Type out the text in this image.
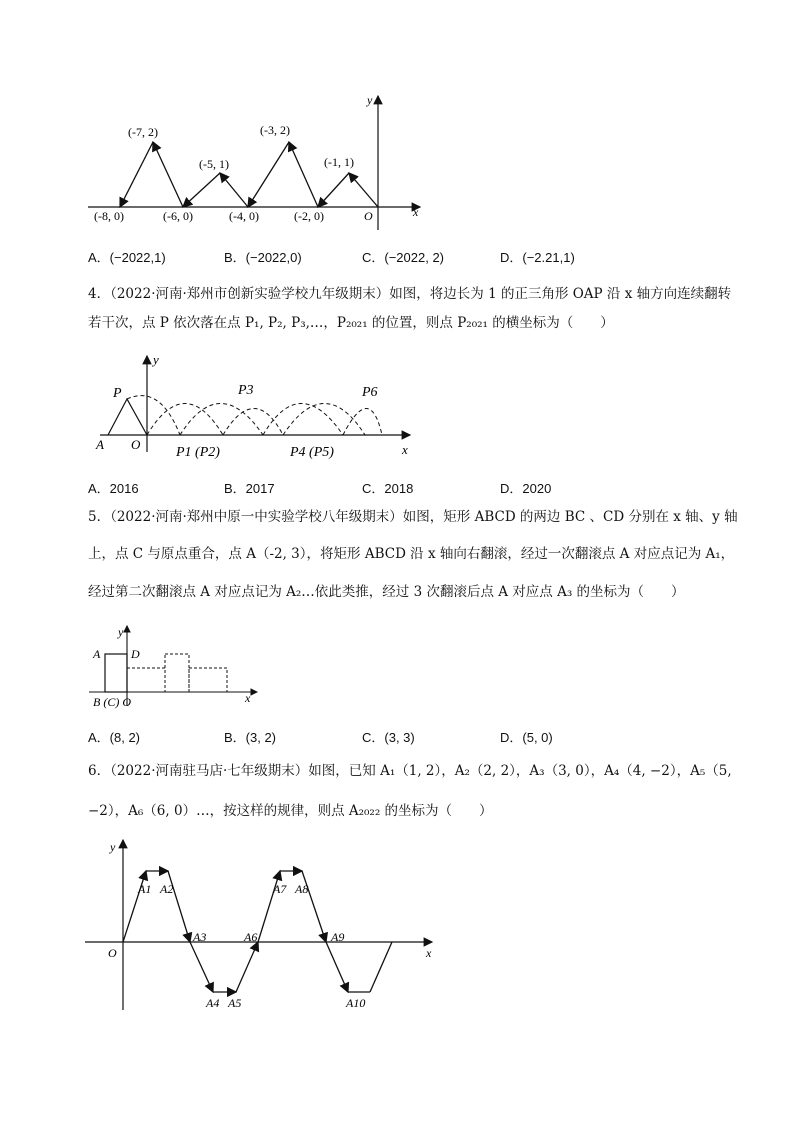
y
x
O
(-7, 2)	(-3, 2)
(-5, 1)	(-1, 1)
(-8, 0)	(-6, 0)	(-4, 0)	(-2, 0)
A．(−2022,1)	B．(−2022,0)	C．(−2022, 2)	D．(−2.21,1)
4．（2022·河南·郑州市创新实验学校九年级期末）如图，将边长为 1 的正三角形 OAP 沿 x 轴方向连续翻转
若干次，点 P 依次落在点 P₁, P₂, P₃,…，P₂₀₂₁ 的位置，则点 P₂₀₂₁ 的横坐标为（　　）
y
x
P
A O
P3	P6
P1 (P2)	P4 (P5)
A．2016	B．2017	C．2018	D．2020
5．（2022·河南·郑州中原一中实验学校八年级期末）如图，矩形 ABCD 的两边 BC 、CD 分别在 x 轴、y 轴
上，点 C 与原点重合，点 A（-2, 3），将矩形 ABCD 沿 x 轴向右翻滚，经过一次翻滚点 A 对应点记为 A₁，
经过第二次翻滚点 A 对应点记为 A₂…依此类推，经过 3 次翻滚后点 A 对应点 A₃ 的坐标为（　　）
y
x
A	D
B (C) O
A．(8, 2)	B．(3, 2)	C．(3, 3)	D．(5, 0)
6．（2022·河南驻马店·七年级期末）如图，已知 A₁（1, 2），A₂（2, 2），A₃（3, 0），A₄（4, −2），A₅（5,
−2），A₆（6, 0）…，按这样的规律，则点 A₂₀₂₂ 的坐标为（　　）
y
x
O
A1 A2
A3
A4 A5
A6
A7 A8
A9
A10
